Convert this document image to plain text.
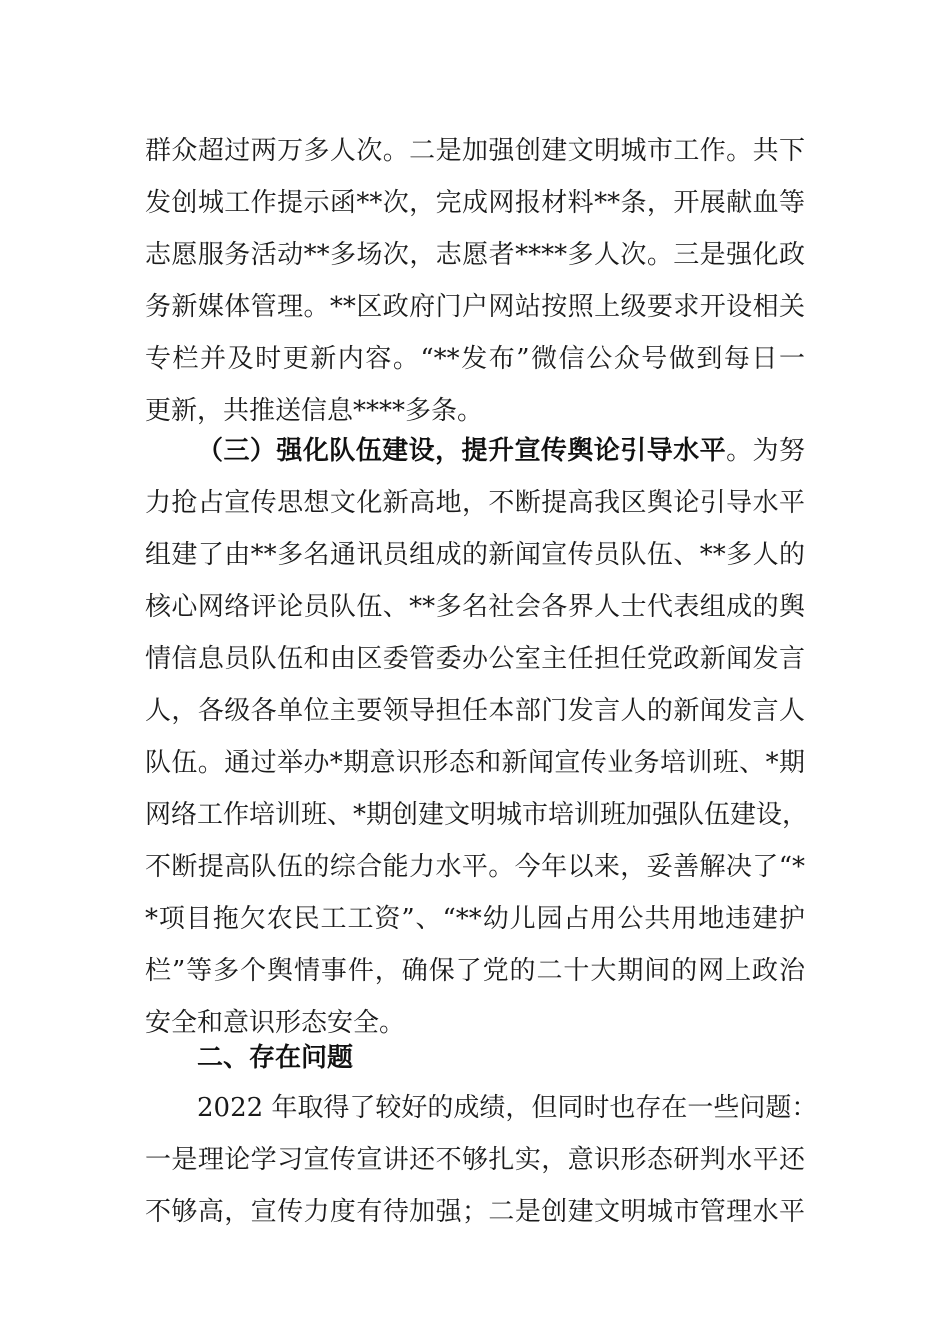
群众超过两万多人次。二是加强创建文明城市工作。共下
发创城工作提示函**次，完成网报材料**条，开展献血等
志愿服务活动**多场次，志愿者****多人次。三是强化政
务新媒体管理。**区政府门户网站按照上级要求开设相关
专栏并及时更新内容。“**发布”微信公众号做到每日一
更新，共推送信息****多条。
（三）强化队伍建设，提升宣传舆论引导水平。为努
力抢占宣传思想文化新高地，不断提高我区舆论引导水平
组建了由**多名通讯员组成的新闻宣传员队伍、**多人的
核心网络评论员队伍、**多名社会各界人士代表组成的舆
情信息员队伍和由区委管委办公室主任担任党政新闻发言
人，各级各单位主要领导担任本部门发言人的新闻发言人
队伍。通过举办*期意识形态和新闻宣传业务培训班、*期
网络工作培训班、*期创建文明城市培训班加强队伍建设，
不断提高队伍的综合能力水平。今年以来，妥善解决了“*
*项目拖欠农民工工资”、“**幼儿园占用公共用地违建护
栏”等多个舆情事件，确保了党的二十大期间的网上政治
安全和意识形态安全。
二、存在问题
2022 年取得了较好的成绩，但同时也存在一些问题：
一是理论学习宣传宣讲还不够扎实，意识形态研判水平还
不够高，宣传力度有待加强；二是创建文明城市管理水平
